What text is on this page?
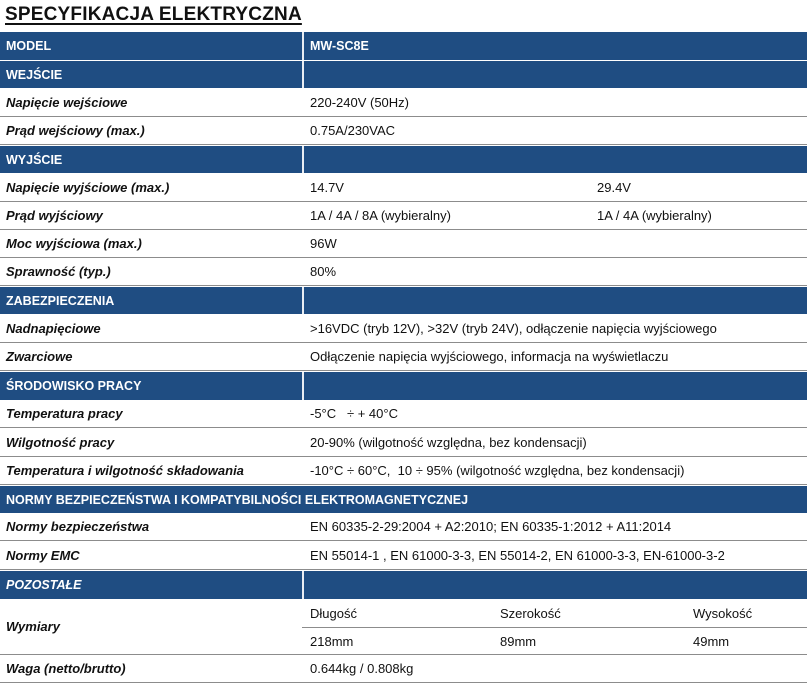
SPECYFIKACJA ELEKTRYCZNA
MODEL	MW-SC8E
WEJŚCIE
Napięcie wejściowe	220-240V (50Hz)
Prąd wejściowy (max.)	0.75A/230VAC
WYJŚCIE
Napięcie wyjściowe (max.)	14.7V	29.4V
Prąd wyjściowy	1A / 4A / 8A (wybieralny)	1A / 4A (wybieralny)
Moc wyjściowa (max.)	96W
Sprawność (typ.)	80%
ZABEZPIECZENIA
Nadnapięciowe	>16VDC (tryb 12V), >32V (tryb 24V), odłączenie napięcia wyjściowego
Zwarciowe	Odłączenie napięcia wyjściowego, informacja na wyświetlaczu
ŚRODOWISKO PRACY
Temperatura pracy	-5°C   ÷ + 40°C
Wilgotność pracy	20-90% (wilgotność względna, bez kondensacji)
Temperatura i wilgotność składowania	-10°C ÷ 60°C,  10 ÷ 95% (wilgotność względna, bez kondensacji)
NORMY BEZPIECZEŃSTWA I KOMPATYBILNOŚCI ELEKTROMAGNETYCZNEJ
Normy bezpieczeństwa	EN 60335-2-29:2004 + A2:2010; EN 60335-1:2012 + A11:2014
Normy EMC	EN 55014-1 , EN 61000-3-3, EN 55014-2, EN 61000-3-3, EN-61000-3-2
POZOSTAŁE
Wymiary
Długość	Szerokość	Wysokość
218mm	89mm	49mm
Waga (netto/brutto)	0.644kg / 0.808kg
